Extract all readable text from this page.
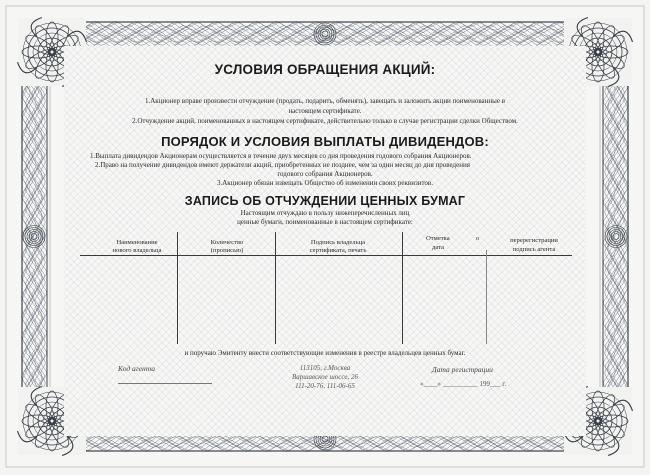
УСЛОВИЯ ОБРАЩЕНИЯ АКЦИЙ:
1.Акционер вправе произвести отчуждение (продать, подарить, обменять), завещать и заложить акции поименованные в
настоящем сертификате.
2.Отчуждение акций, поименованных в настоящем сертификате, действительно только в случае регистрации сделки Обществом.
ПОРЯДОК И УСЛОВИЯ ВЫПЛАТЫ ДИВИДЕНДОВ:
1.Выплата дивидендов Акционерам осуществляется в течение двух месяцев со дня проведения годового собрания Акционеров.
2.Право на получение дивидендов имеют держатели акций, приобретенных не позднее, чем за один месяц до дня проведения
годового собрания Акционеров.
3.Акционер обязан извещать Общество об изменении своих реквизитов.
ЗАПИСЬ ОБ ОТЧУЖДЕНИИ ЦЕННЫХ БУМАГ
Настоящим отчуждаю в пользу нижеперечисленных лиц
ценные бумаги, поименованные в настоящем сертификате:
Наименование
нового владельца
Количество
(прописью)
Подпись владельца
сертификата, печать
Отметка	о
дата
перерегистрации
подпись агента
и поручаю Эмитенту внести соответствующие изменения в реестре владельцев ценных бумаг.
Код агента	113105, г.Москва
Варшавское шоссе, 26
111-20-76, 111-06-65
Дата регистрации
«____» __________ 199___ г.
